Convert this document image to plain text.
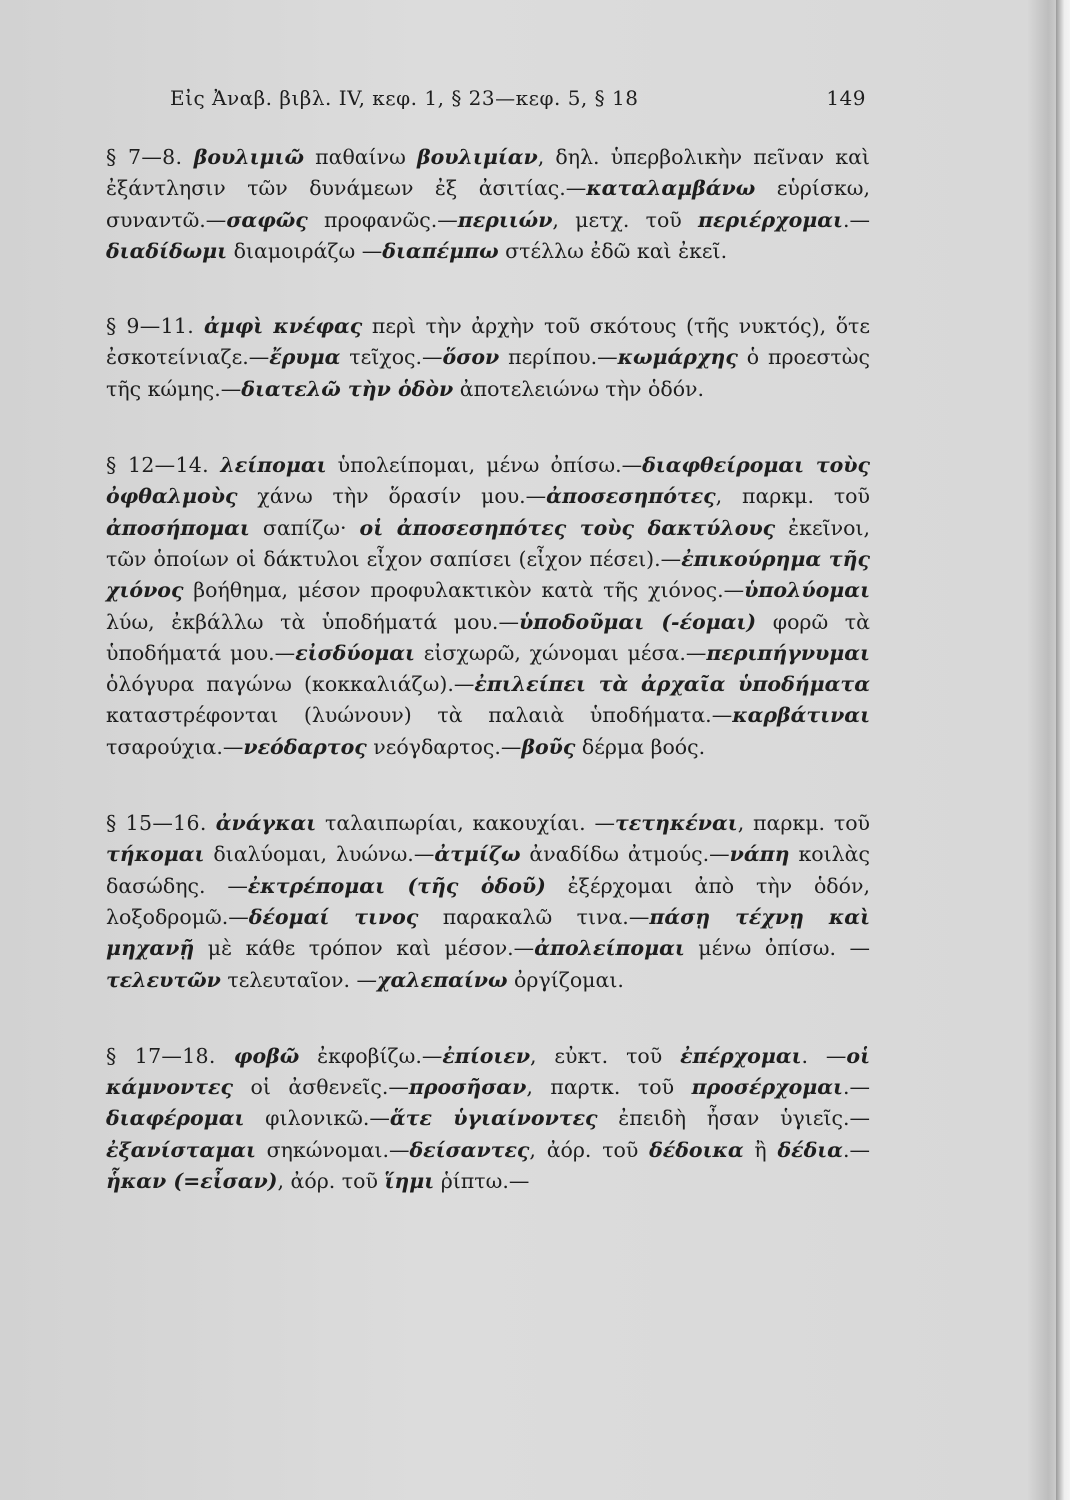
Εἰς Ἀναβ. βιβλ. IV, κεφ. 1, § 23—κεφ. 5, § 18	149

§ 7—8. βουλιμιῶ παθαίνω βουλιμίαν, δηλ. ὑπερβολικὴν πεῖναν καὶ ἐξάντλησιν τῶν δυνάμεων ἐξ ἀσιτίας.—καταλαμβάνω εὑρίσκω, συναντῶ.—σαφῶς προφανῶς.—περιιών, μετχ. τοῦ περιέρχομαι.—διαδίδωμι διαμοιράζω —διαπέμπω στέλλω ἐδῶ καὶ ἐκεῖ.

§ 9—11. ἀμφὶ κνέφας περὶ τὴν ἀρχὴν τοῦ σκότους (τῆς νυκτός), ὅτε ἐσκοτείνιαζε.—ἔρυμα τεῖχος.—ὅσον περίπου.—κωμάρχης ὁ προεστὼς τῆς κώμης.—διατελῶ τὴν ὁδὸν ἀποτελειώνω τὴν ὁδόν.

§ 12—14. λείπομαι ὑπολείπομαι, μένω ὀπίσω.—διαφθείρομαι τοὺς ὀφθαλμοὺς χάνω τὴν ὅρασίν μου.—ἀποσεσηπότες, παρκμ. τοῦ ἀποσήπομαι σαπίζω· οἱ ἀποσεσηπότες τοὺς δακτύλους ἐκεῖνοι, τῶν ὁποίων οἱ δάκτυλοι εἶχον σαπίσει (εἶχον πέσει).—ἐπικούρημα τῆς χιόνος βοήθημα, μέσον προφυλακτικὸν κατὰ τῆς χιόνος.—ὑπολύομαι λύω, ἐκβάλλω τὰ ὑποδήματά μου.—ὑποδοῦμαι (-έομαι) φορῶ τὰ ὑποδήματά μου.—εἰσδύομαι εἰσχωρῶ, χώνομαι μέσα.—περιπήγνυμαι ὁλόγυρα παγώνω (κοκκαλιάζω).—ἐπιλείπει τὰ ἀρχαῖα ὑποδήματα καταστρέφονται (λυώνουν) τὰ παλαιὰ ὑποδήματα.—καρβάτιναι τσαρούχια.—νεόδαρτος νεόγδαρτος.—βοῦς δέρμα βοός.

§ 15—16. ἀνάγκαι ταλαιπωρίαι, κακουχίαι. —τετηκέναι, παρκμ. τοῦ τήκομαι διαλύομαι, λυώνω.—ἀτμίζω ἀναδίδω ἀτμούς.—νάπη κοιλὰς δασώδης. —ἐκτρέπομαι (τῆς ὁδοῦ) ἐξέρχομαι ἀπὸ τὴν ὁδόν, λοξοδρομῶ.—δέομαί τινος παρακαλῶ τινα.—πάσῃ τέχνῃ καὶ μηχανῇ μὲ κάθε τρόπον καὶ μέσον.—ἀπολείπομαι μένω ὀπίσω. —τελευτῶν τελευταῖον. —χαλεπαίνω ὀργίζομαι.

§ 17—18. φοβῶ ἐκφοβίζω.—ἐπίοιεν, εὐκτ. τοῦ ἐπέρχομαι. —οἱ κάμνοντες οἱ ἀσθενεῖς.—προσῆσαν, παρτκ. τοῦ προσέρχομαι.—διαφέρομαι φιλονικῶ.—ἅτε ὑγιαίνοντες ἐπειδὴ ἦσαν ὑγιεῖς.—ἐξανίσταμαι σηκώνομαι.—δείσαντες, ἀόρ. τοῦ δέδοικα ἢ δέδια.—ἧκαν (=εἶσαν), ἀόρ. τοῦ ἵημι ῥίπτω.—
